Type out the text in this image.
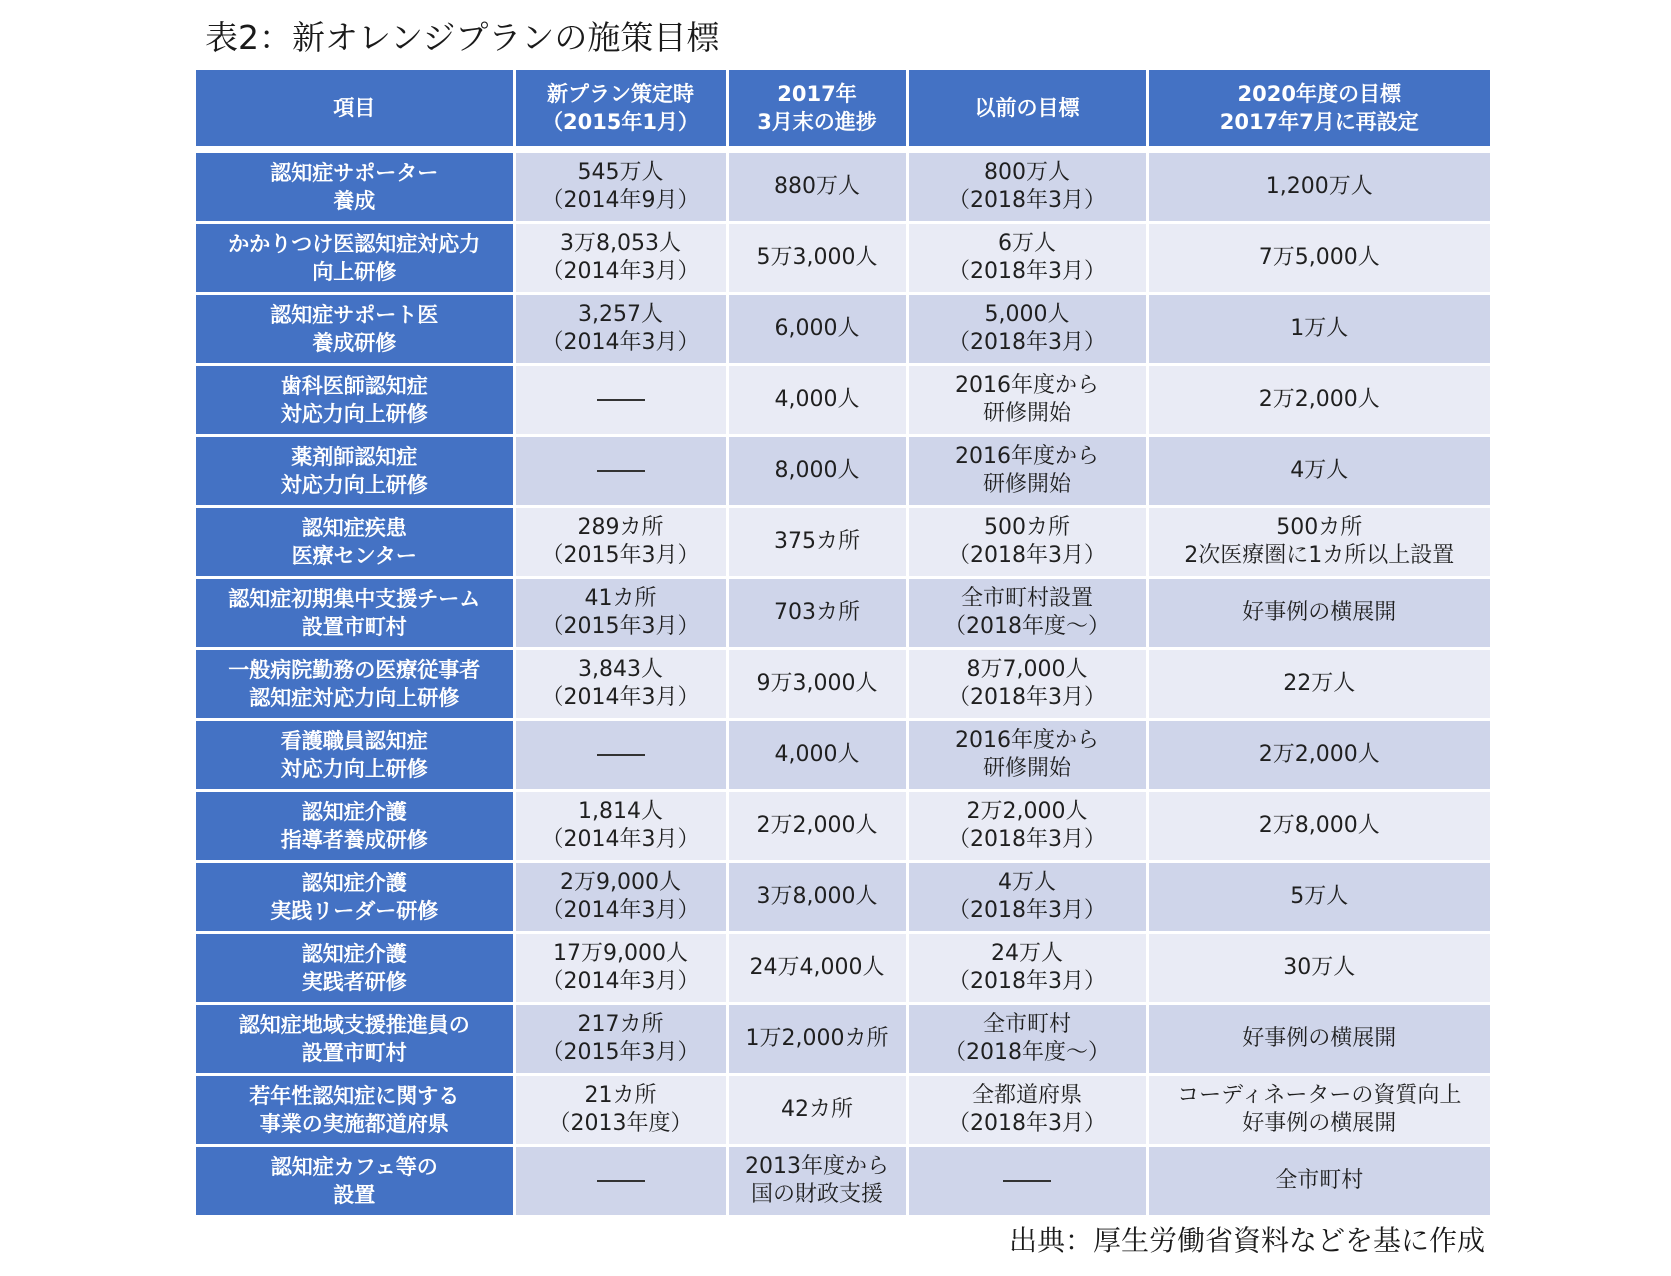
表2：新オレンジプランの施策目標
項目	新プラン策定時
（2015年1月）	2017年
3月末の進捗	以前の目標	2020年度の目標
2017年7月に再設定

認知症サポーター
養成	545万人
（2014年9月）	880万人	800万人
（2018年3月）	1,200万人

かかりつけ医認知症対応力
向上研修	3万8,053人
（2014年3月）	5万3,000人	6万人
（2018年3月）	7万5,000人

認知症サポート医
養成研修	3,257人
（2014年3月）	6,000人	5,000人
（2018年3月）	1万人

歯科医師認知症
対応力向上研修		4,000人	2016年度から
研修開始	2万2,000人

薬剤師認知症
対応力向上研修		8,000人	2016年度から
研修開始	4万人

認知症疾患
医療センター	289カ所
（2015年3月）	375カ所	500カ所
（2018年3月）	500カ所
2次医療圏に1カ所以上設置

認知症初期集中支援チーム
設置市町村	41カ所
（2015年3月）	703カ所	全市町村設置
（2018年度～）	好事例の横展開

一般病院勤務の医療従事者
認知症対応力向上研修	3,843人
（2014年3月）	9万3,000人	8万7,000人
（2018年3月）	22万人

看護職員認知症
対応力向上研修		4,000人	2016年度から
研修開始	2万2,000人

認知症介護
指導者養成研修	1,814人
（2014年3月）	2万2,000人	2万2,000人
（2018年3月）	2万8,000人

認知症介護
実践リーダー研修	2万9,000人
（2014年3月）	3万8,000人	4万人
（2018年3月）	5万人

認知症介護
実践者研修	17万9,000人
（2014年3月）	24万4,000人	24万人
（2018年3月）	30万人

認知症地域支援推進員の
設置市町村	217カ所
（2015年3月）	1万2,000カ所	全市町村
（2018年度～）	好事例の横展開

若年性認知症に関する
事業の実施都道府県	21カ所
（2013年度）	42カ所	全都道府県
（2018年3月）	コーディネーターの資質向上
好事例の横展開

認知症カフェ等の
設置		2013年度から
国の財政支援		全市町村
出典：厚生労働省資料などを基に作成
